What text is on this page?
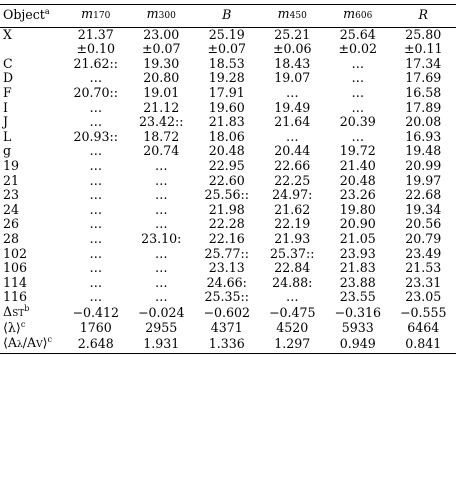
Object$^a$	m170	m300	B	m450	m606	R
X	21.37	23.00	25.19	25.21	25.64	25.80
	±0.10	±0.07	±0.07	±0.06	±0.02	±0.11
C	21.62::	19.30	18.53	18.43	…	17.34
D	…	20.80	19.28	19.07	…	17.69
F	20.70::	19.01	17.91	…	…	16.58
I	…	21.12	19.60	19.49	…	17.89
J	…	23.42::	21.83	21.64	20.39	20.08
L	20.93::	18.72	18.06	…	…	16.93
g	…	20.74	20.48	20.44	19.72	19.48
19	…	…	22.95	22.66	21.40	20.99
21	…	…	22.60	22.25	20.48	19.97
23	…	…	25.56::	24.97:	23.26	22.68
24	…	…	21.98	21.62	19.80	19.34
26	…	…	22.28	22.19	20.90	20.56
28	…	23.10:	22.16	21.93	21.05	20.79
102	…	…	25.77::	25.37::	23.93	23.49
106	…	…	23.13	22.84	21.83	21.53
114	…	…	24.66:	24.88:	23.88	23.31
116	…	…	25.35::	…	23.55	23.05
$\Delta ST^b$	−0.412	−0.024	−0.602	−0.475	−0.316	−0.555
⟨λ⟩$^c$	1760	2955	4371	4520	5933	6464
⟨Aλ/AV⟩$^c$	2.648	1.931	1.336	1.297	0.949	0.841
